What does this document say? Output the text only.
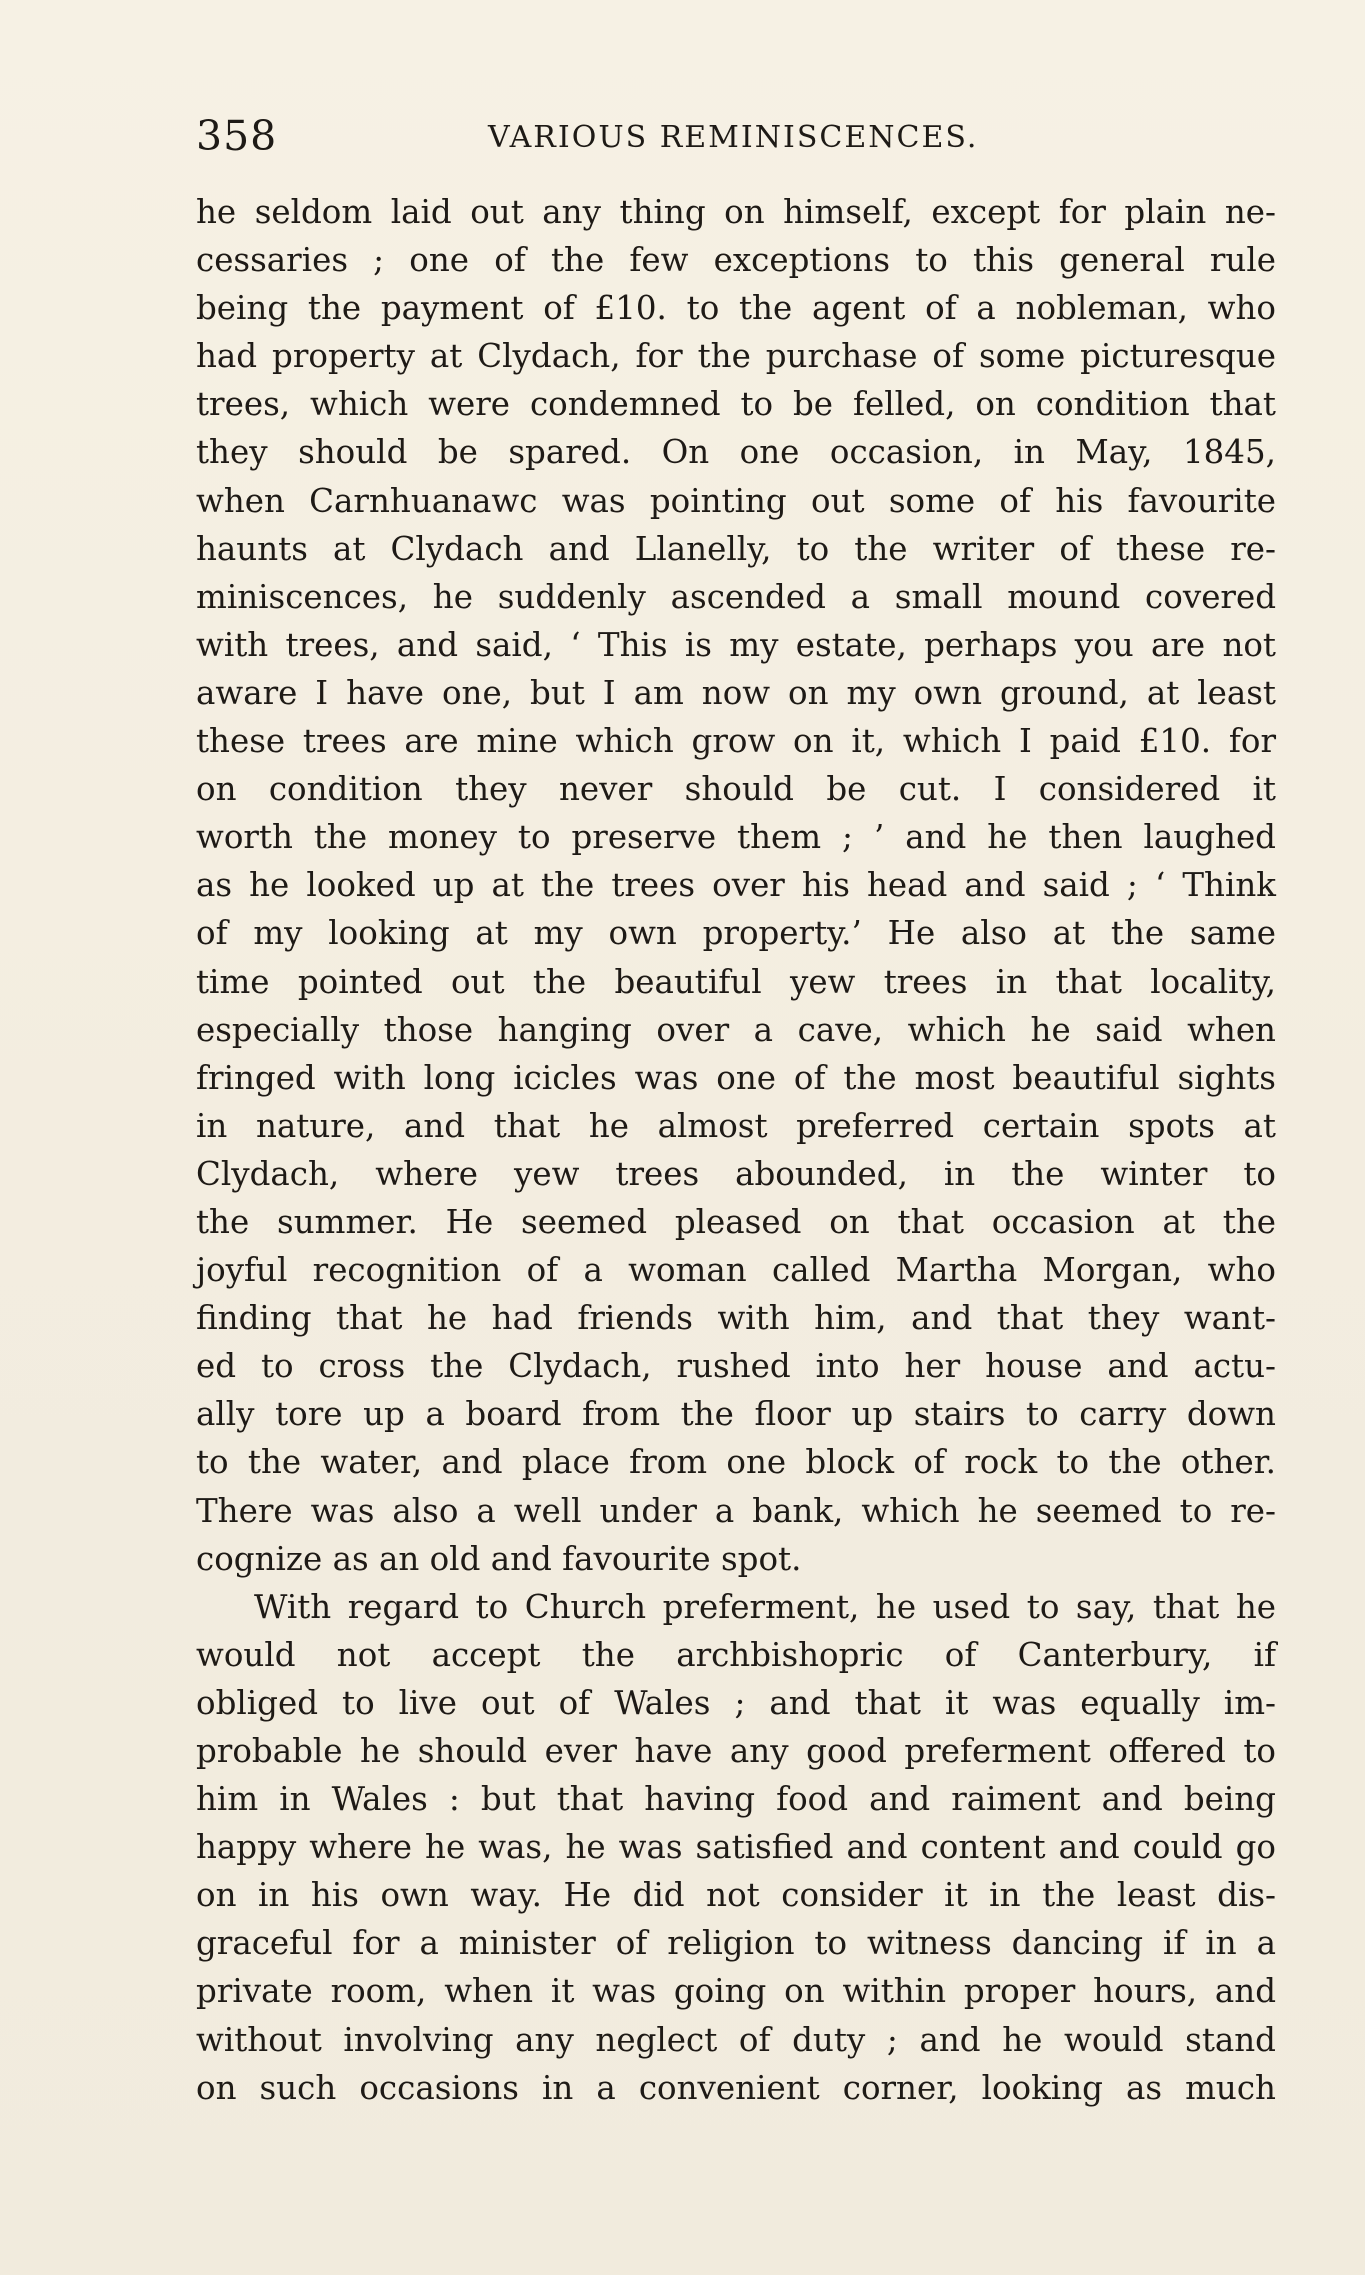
358	VARIOUS REMINISCENCES.
he seldom laid out any thing on himself, except for plain ne-
cessaries ; one of the few exceptions to this general rule
being the payment of £10. to the agent of a nobleman, who
had property at Clydach, for the purchase of some picturesque
trees, which were condemned to be felled, on condition that
they should be spared. On one occasion, in May, 1845,
when Carnhuanawc was pointing out some of his favourite
haunts at Clydach and Llanelly, to the writer of these re-
miniscences, he suddenly ascended a small mound covered
with trees, and said, ‘ This is my estate, perhaps you are not
aware I have one, but I am now on my own ground, at least
these trees are mine which grow on it, which I paid £10. for
on condition they never should be cut. I considered it
worth the money to preserve them ; ’ and he then laughed
as he looked up at the trees over his head and said ; ‘ Think
of my looking at my own property.’ He also at the same
time pointed out the beautiful yew trees in that locality,
especially those hanging over a cave, which he said when
fringed with long icicles was one of the most beautiful sights
in nature, and that he almost preferred certain spots at
Clydach, where yew trees abounded, in the winter to
the summer. He seemed pleased on that occasion at the
joyful recognition of a woman called Martha Morgan, who
finding that he had friends with him, and that they want-
ed to cross the Clydach, rushed into her house and actu-
ally tore up a board from the floor up stairs to carry down
to the water, and place from one block of rock to the other.
There was also a well under a bank, which he seemed to re-
cognize as an old and favourite spot.
With regard to Church preferment, he used to say, that he
would not accept the archbishopric of Canterbury, if
obliged to live out of Wales ; and that it was equally im-
probable he should ever have any good preferment offered to
him in Wales : but that having food and raiment and being
happy where he was, he was satisfied and content and could go
on in his own way. He did not consider it in the least dis-
graceful for a minister of religion to witness dancing if in a
private room, when it was going on within proper hours, and
without involving any neglect of duty ; and he would stand
on such occasions in a convenient corner, looking as much
